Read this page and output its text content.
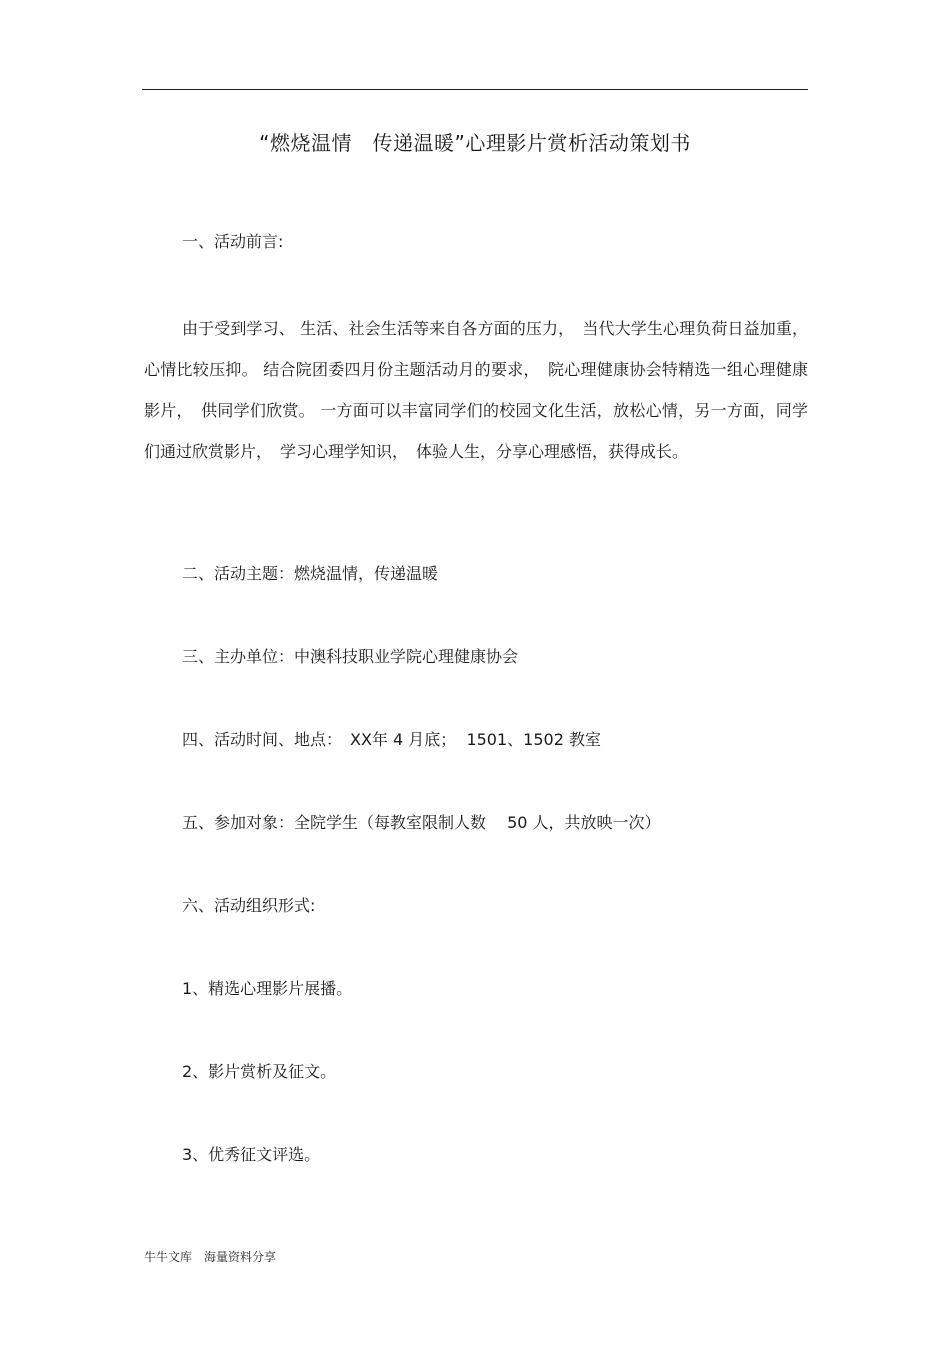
“燃烧温情　传递温暖”心理影片赏析活动策划书
一、活动前言:

由于受到学习、 生活、社会生活等来自各方面的压力，　当代大学生心理负荷日益加重， 心情比较压抑。 结合院团委四月份主题活动月的要求，　院心理健康协会特精选一组心理健康影片，　供同学们欣赏。 一方面可以丰富同学们的校园文化生活，放松心情，另一方面，同学们通过欣赏影片，　学习心理学知识，　体验人生，分享心理感悟，获得成长。

二、活动主题：燃烧温情，传递温暖
三、主办单位：中澳科技职业学院心理健康协会
四、活动时间、地点：　XX年 4 月底；  1501、1502 教室
五、参加对象：全院学生（每教室限制人数　 50 人，共放映一次）
六、活动组织形式:
1、精选心理影片展播。
2、影片赏析及征文。
3、优秀征文评选。
牛牛文库　海量资料分享
